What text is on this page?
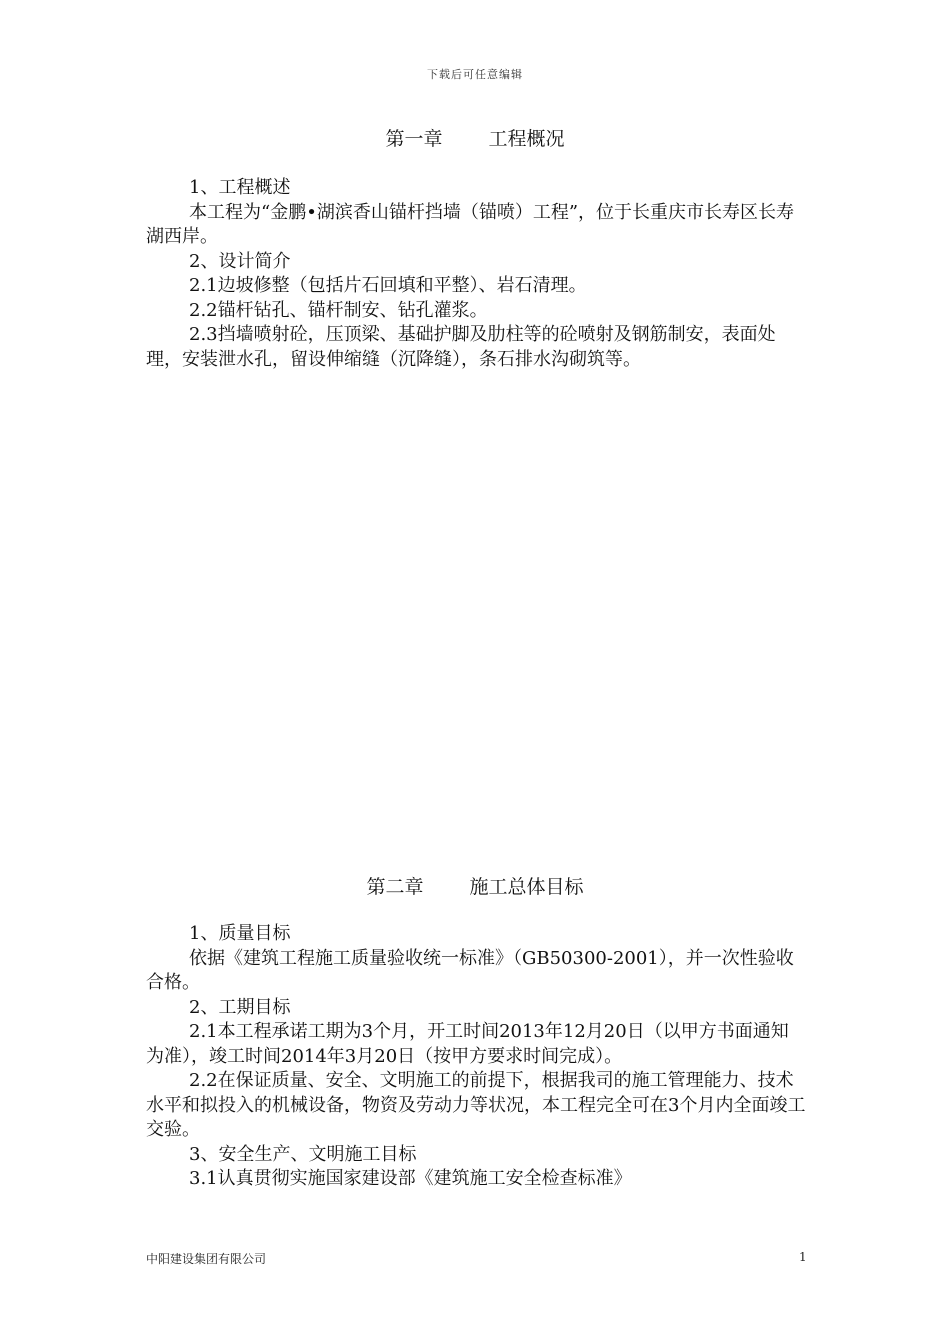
下载后可任意编辑
第一章 工程概况

1、工程概述

本工程为“金鹏•湖滨香山锚杆挡墙（锚喷）工程”，位于长重庆市长寿区长寿湖西岸。

2、设计简介

2.1边坡修整（包括片石回填和平整）、岩石清理。

2.2锚杆钻孔、锚杆制安、钻孔灌浆。

2.3挡墙喷射砼，压顶梁、基础护脚及肋柱等的砼喷射及钢筋制安，表面处理，安装泄水孔，留设伸缩缝（沉降缝），条石排水沟砌筑等。

第二章 施工总体目标

1、质量目标

依据《建筑工程施工质量验收统一标准》（GB50300-2001），并一次性验收合格。

2、工期目标

2.1本工程承诺工期为3个月，开工时间2013年12月20日（以甲方书面通知为准），竣工时间2014年3月20日（按甲方要求时间完成）。

2.2在保证质量、安全、文明施工的前提下，根据我司的施工管理能力、技术水平和拟投入的机械设备，物资及劳动力等状况，本工程完全可在3个月内全面竣工交验。

3、安全生产、文明施工目标

3.1认真贯彻实施国家建设部《建筑施工安全检查标准》

中阳建设集团有限公司	1
